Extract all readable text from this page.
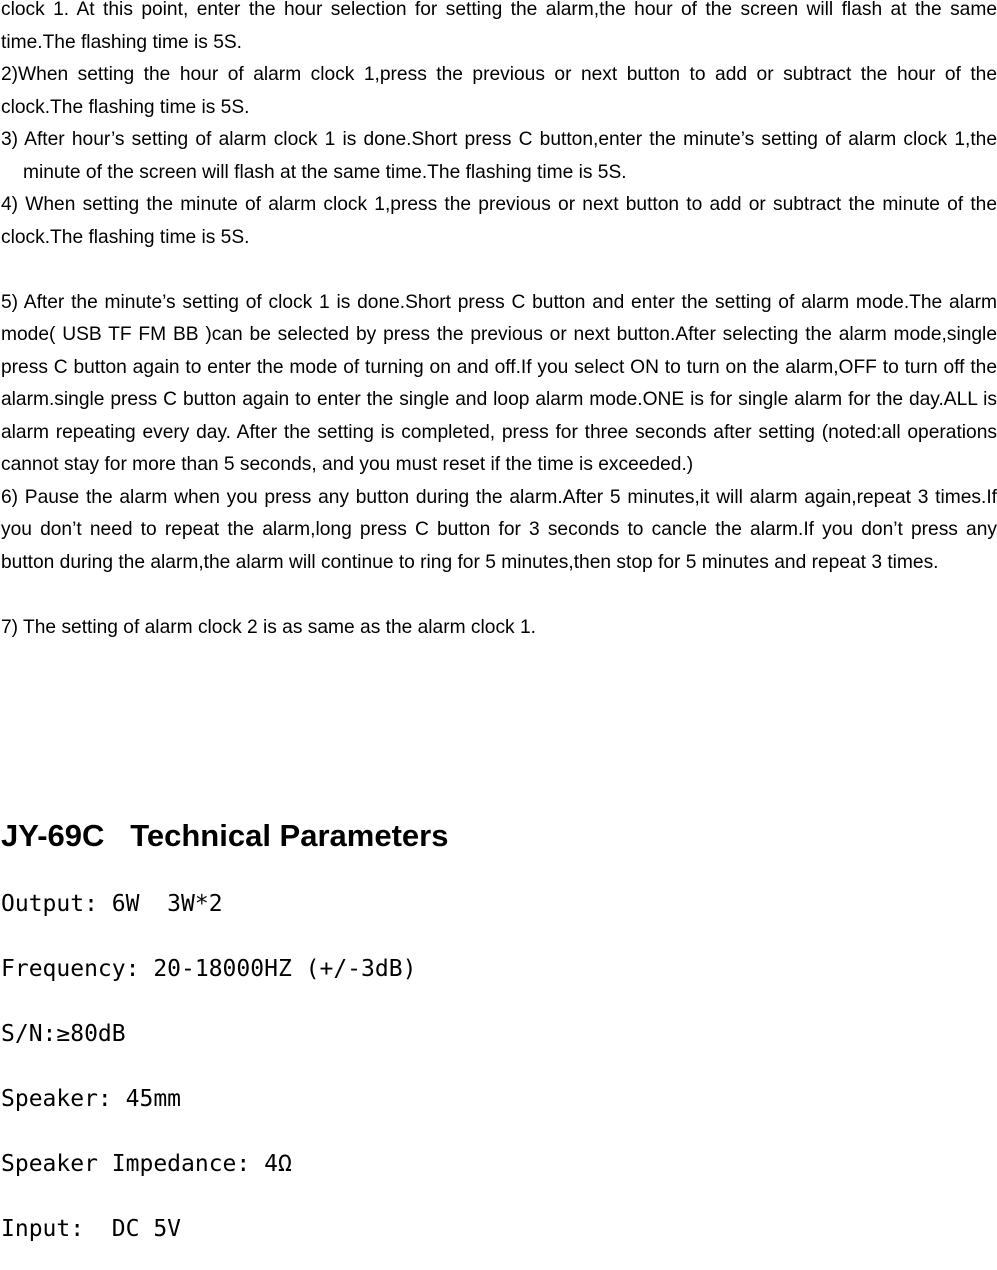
clock 1. At this point, enter the hour selection for setting the alarm,the hour of the screen will flash at the same time.The flashing time is 5S.

2)When setting the hour of alarm clock 1,press the previous or next button to add or subtract the hour of the clock.The flashing time is 5S.

3) After hour’s setting of alarm clock 1 is done.Short press C button,enter the minute’s setting of alarm clock 1,the minute of the screen will flash at the same time.The flashing time is 5S.

4) When setting the minute of alarm clock 1,press the previous or next button to add or subtract the minute of the clock.The flashing time is 5S.

5) After the minute’s setting of clock 1 is done.Short press C button and enter the setting of alarm mode.The alarm mode( USB TF FM BB )can be selected by press the previous or next button.After selecting the alarm mode,single press C button again to enter the mode of turning on and off.If you select ON to turn on the alarm,OFF to turn off the alarm.single press C button again to enter the single and loop alarm mode.ONE is for single alarm for the day.ALL is alarm repeating every day. After the setting is completed, press for three seconds after setting (noted:all operations cannot stay for more than 5 seconds, and you must reset if the time is exceeded.)

6) Pause the alarm when you press any button during the alarm.After 5 minutes,it will alarm again,repeat 3 times.If you don’t need to repeat the alarm,long press C button for 3 seconds to cancle the alarm.If you don’t press any button during the alarm,the alarm will continue to ring for 5 minutes,then stop for 5 minutes and repeat 3 times.

7) The setting of alarm clock 2 is as same as the alarm clock 1.

JY-69C   Technical Parameters

Output: 6W  3W*2

Frequency: 20-18000HZ (+/-3dB)

S/N:≥80dB

Speaker: 45mm

Speaker Impedance: 4Ω

Input:  DC 5V
